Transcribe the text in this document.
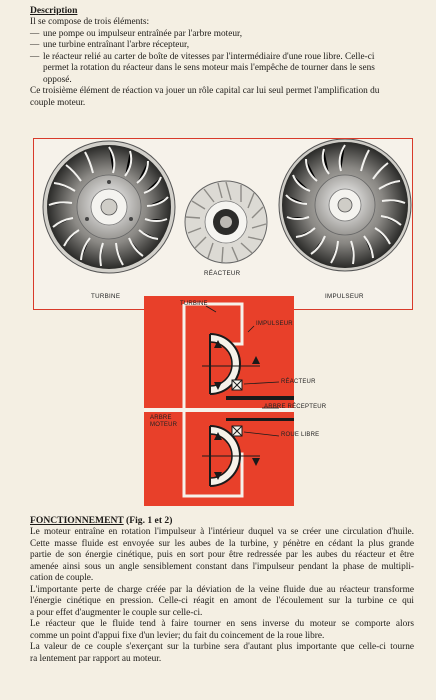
Description

Il se compose de trois éléments:

— une pompe ou impulseur entraînée par l'arbre moteur,
— une turbine entraînant l'arbre récepteur,
— le réacteur relié au carter de boîte de vitesses par l'intermédiaire d'une roue libre. Celle-ci

permet la rotation du réacteur dans le sens moteur mais l'empêche de tourner dans le sens

opposé.

Ce troisième élément de réaction va jouer un rôle capital car lui seul permet l'amplification du

couple moteur.

TURBINE
RÉACTEUR
IMPULSEUR
TURBINE
IMPULSEUR
RÉACTEUR
ARBRE RÉCEPTEUR
ARBRE
MOTEUR
ROUE LIBRE
FONCTIONNEMENT (Fig. 1 et 2)

Le moteur entraîne en rotation l'impulseur à l'intérieur duquel va se créer une circulation d'huile.

Cette masse fluide est envoyée sur les aubes de la turbine, y pénètre en cédant la plus grande

partie de son énergie cinétique, puis en sort pour être redressée par les aubes du réacteur et être

amenée ainsi sous un angle sensiblement constant dans l'impulseur pendant la phase de multipli-

cation de couple.

L'importante perte de charge créée par la déviation de la veine fluide due au réacteur transforme

l'énergie cinétique en pression. Celle-ci réagit en amont de l'écoulement sur la turbine ce qui

a pour effet d'augmenter le couple sur celle-ci.

Le réacteur que le fluide tend à faire tourner en sens inverse du moteur se comporte alors

comme un point d'appui fixe d'un levier; du fait du coincement de la roue libre.

La valeur de ce couple s'exerçant sur la turbine sera d'autant plus importante que celle-ci tourne

ra lentement par rapport au moteur.
